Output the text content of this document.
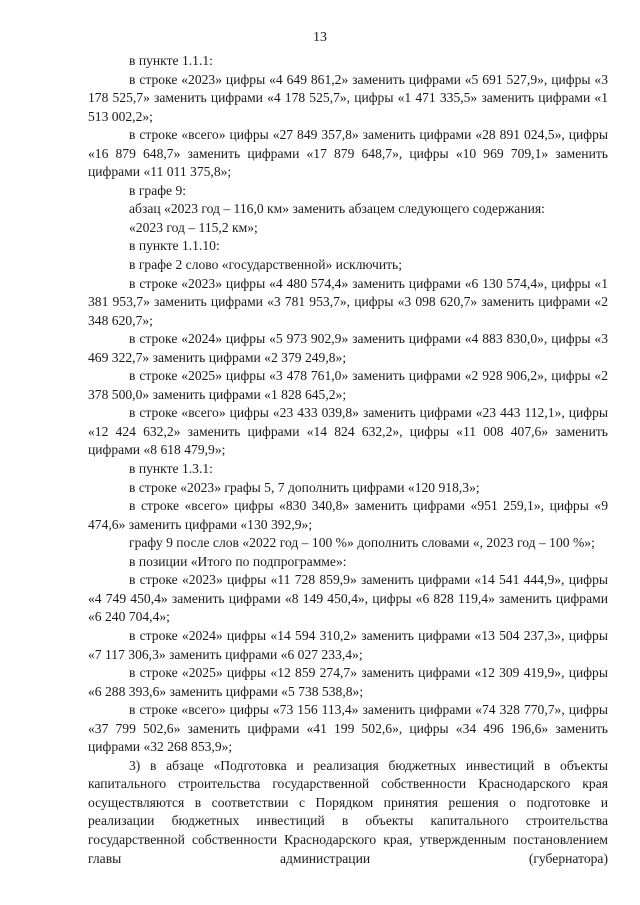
13

в пункте 1.1.1:

в строке «2023» цифры «4 649 861,2» заменить цифрами «5 691 527,9», цифры «3 178 525,7» заменить цифрами «4 178 525,7», цифры «1 471 335,5» заменить цифрами «1 513 002,2»;

в строке «всего» цифры «27 849 357,8» заменить цифрами «28 891 024,5», цифры «16 879 648,7» заменить цифрами «17 879 648,7», цифры «10 969 709,1» заменить цифрами «11 011 375,8»;

в графе 9:

абзац «2023 год – 116,0 км» заменить абзацем следующего содержания:

«2023 год – 115,2 км»;

в пункте 1.1.10:

в графе 2 слово «государственной» исключить;

в строке «2023» цифры «4 480 574,4» заменить цифрами «6 130 574,4», цифры «1 381 953,7» заменить цифрами «3 781 953,7», цифры «3 098 620,7» заменить цифрами «2 348 620,7»;

в строке «2024» цифры «5 973 902,9» заменить цифрами «4 883 830,0», цифры «3 469 322,7» заменить цифрами «2 379 249,8»;

в строке «2025» цифры «3 478 761,0» заменить цифрами «2 928 906,2», цифры «2 378 500,0» заменить цифрами «1 828 645,2»;

в строке «всего» цифры «23 433 039,8» заменить цифрами «23 443 112,1», цифры «12 424 632,2» заменить цифрами «14 824 632,2», цифры «11 008 407,6» заменить цифрами «8 618 479,9»;

в пункте 1.3.1:

в строке «2023» графы 5, 7 дополнить цифрами «120 918,3»;

в строке «всего» цифры «830 340,8» заменить цифрами «951 259,1», цифры «9 474,6» заменить цифрами «130 392,9»;

графу 9 после слов «2022 год – 100 %» дополнить словами «, 2023 год – 100 %»;

в позиции «Итого по подпрограмме»:

в строке «2023» цифры «11 728 859,9» заменить цифрами «14 541 444,9», цифры «4 749 450,4» заменить цифрами «8 149 450,4», цифры «6 828 119,4» заменить цифрами «6 240 704,4»;

в строке «2024» цифры «14 594 310,2» заменить цифрами «13 504 237,3», цифры «7 117 306,3» заменить цифрами «6 027 233,4»;

в строке «2025» цифры «12 859 274,7» заменить цифрами «12 309 419,9», цифры «6 288 393,6» заменить цифрами «5 738 538,8»;

в строке «всего» цифры «73 156 113,4» заменить цифрами «74 328 770,7», цифры «37 799 502,6» заменить цифрами «41 199 502,6», цифры «34 496 196,6» заменить цифрами «32 268 853,9»;

3) в абзаце «Подготовка и реализация бюджетных инвестиций в объекты капитального строительства государственной собственности Краснодарского края осуществляются в соответствии с Порядком принятия решения о подготовке и реализации бюджетных инвестиций в объекты капитального строительства государственной собственности Краснодарского края, утвержденным постановлением главы администрации (губернатора)
